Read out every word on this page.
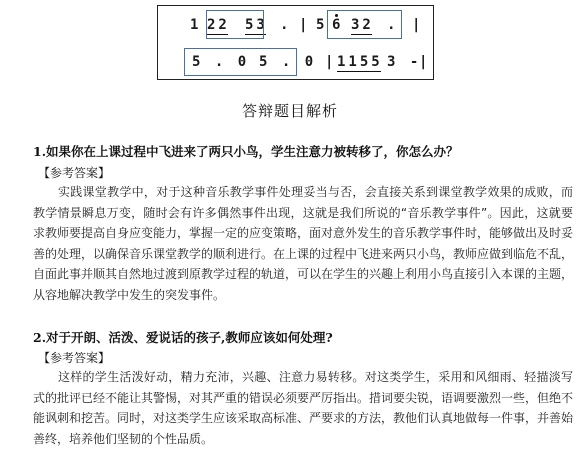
1 22 53 . | 5 6 32 . |
5 . 0 5 . 0 | 1155 3 -
|
答辩题目解析
1.如果你在上课过程中飞进来了两只小鸟，学生注意力被转移了，你怎么办？
【参考答案】

实践课堂教学中，对于这种音乐教学事件处理妥当与否，会直接关系到课堂教学效果的成败，而教学情景瞬息万变，随时会有许多偶然事件出现，这就是我们所说的“音乐教学事件”。因此，这就要求教师要提高自身应变能力，掌握一定的应变策略，面对意外发生的音乐教学事件时，能够做出及时妥善的处理，以确保音乐课堂教学的顺利进行。在上课的过程中飞进来两只小鸟，教师应做到临危不乱，自面此事并顺其自然地过渡到原教学过程的轨道，可以在学生的兴趣上利用小鸟直接引入本课的主题，从容地解决教学中发生的突发事件。

2.对于开朗、活泼、爱说话的孩子,教师应该如何处理?
【参考答案】

这样的学生活泼好动，精力充沛，兴趣、注意力易转移。对这类学生，采用和风细雨、轻描淡写式的批评已经不能让其警惕，对其严重的错误必须要严厉指出。措词要尖锐，语调要激烈一些，但绝不能讽刺和挖苦。同时，对这类学生应该采取高标准、严要求的方法，教他们认真地做每一件事，并善始善终，培养他们坚韧的个性品质。
